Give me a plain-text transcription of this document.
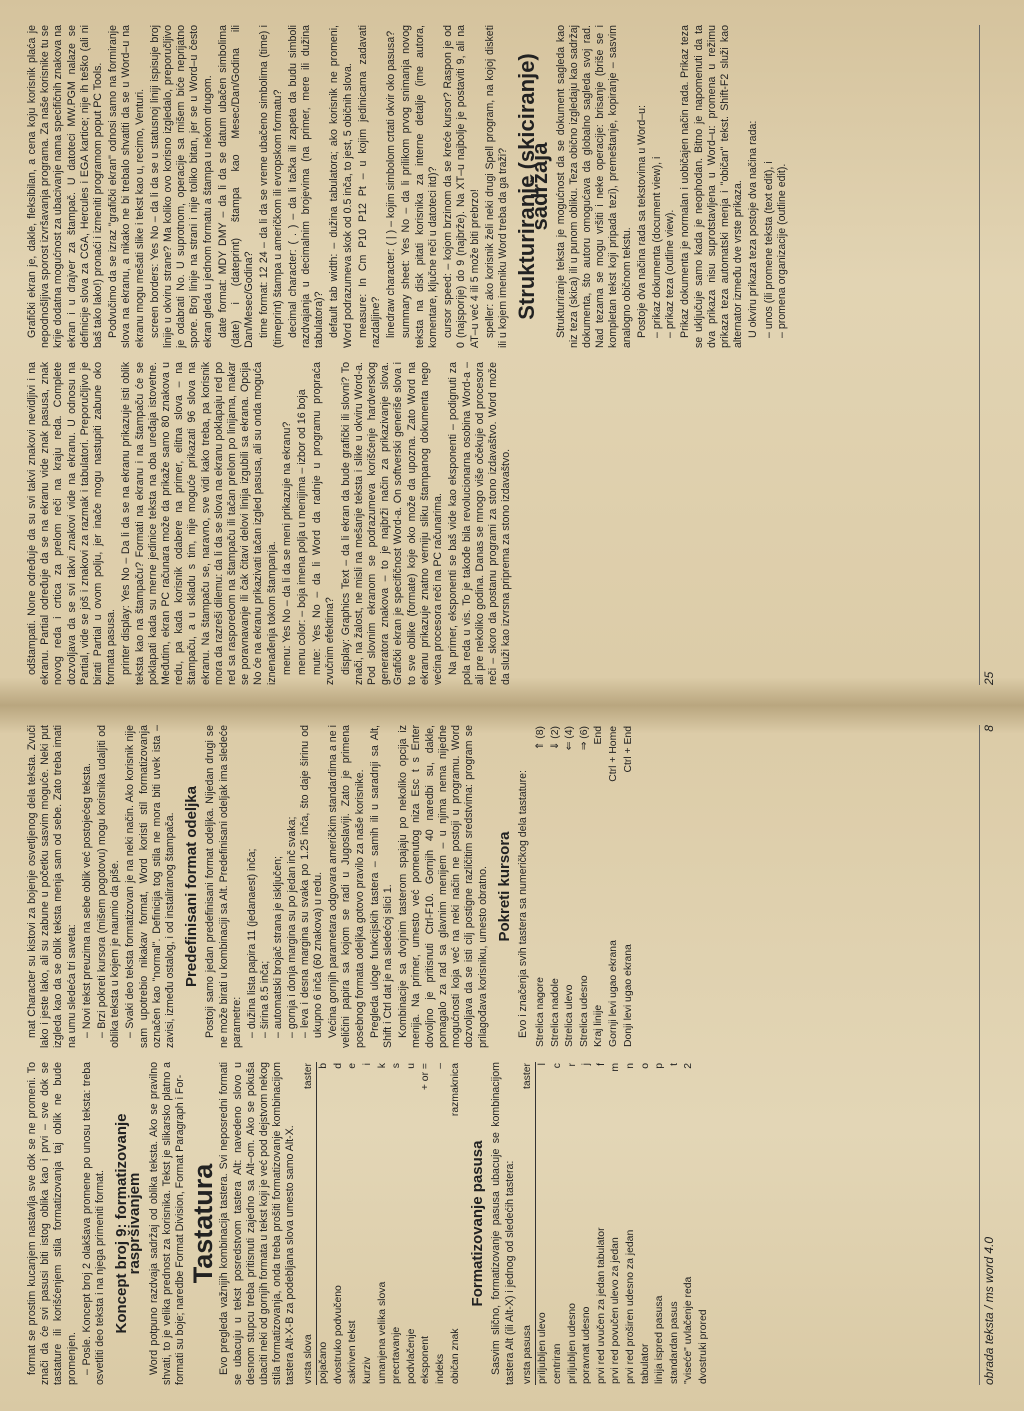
format se prostim kucanjem nastavlja sve dok se ne promeni. To znači da će svi pasusi biti istog oblika kao i prvi – sve dok se tastature ili korišćenjem stila formatizovanja taj oblik ne bude promenjen. – Posle. Koncept broj 2 olakšava promene po unosu teksta: treba osvetliti deo teksta i na njega primeniti format. Koncept broj 9: formatizovanje raspršivanjem Word potpuno razdvaja sadržaj od oblika teksta. Ako se pravilno shvati, to je velika prednost za korisnika. Tekst je slikarsko platno a formati su boje; naredbe Format Division, Format Paragraph i For- Tastatura Evo pregleda važnijih kombinacija tastera. Svi neposredni formati se ubacuju u tekst posredstvom tastera Alt: navedeno slovo u desnom stupcu treba pritisnuti zajedno sa Alt–om. Ako se pokuša ubaciti neki od gornjih formata u tekst koji je već pod dejstvom nekog stila formatizovanja, onda treba prošiti formatizovanje kombinacijom tastera Alt-X-B za podebljana slova umesto samo Alt-X. vrsta slova	taster
pojačano	b
dvostruko podvučeno	d
sakriven tekst	e
kurziv	i
umanjena velika slova	k
precrtavanje	s
podvlačenje	u
eksponent	+ or =
indeks	–
običan znak	razmaknica
Formatizovanje pasusa Sasvim slično, formatizovanje pasusa ubacuje se kombinacijom tastera Alt (ili Alt-X) i jednog od sledećih tastera: vrsta pasusa	taster
priljubljen ulevo	l
centriran	c
priljubljen udesno	r
poravnat udesno	j
prvi red uvučen za jedan tabulator	f
prvi red povučen ulevo za jedan	m
prvi red proširen udesno za jedan	n
tabulator	o
linija ispred pasusa	p
standardan pasus	t
"viseće" uvlačenje reda	2
dvostruki prored	

mat Character su kistovi za bojenje osvetljenog dela teksta. Zvuči lako i jeste lako, ali su zabune u početku sasvim moguće. Neki put izgleda kao da se oblik teksta menja sam od sebe. Zato treba imati na umu sledeća tri saveta: – Novi tekst preuzima na sebe oblik već postojećeg teksta. – Brzi pokreti kursora (mišem pogotovu) mogu korisnika udaljiti od oblika teksta u kojem je naumio da piše. – Svaki deo teksta formatizovan je na neki način. Ako korisnik nije sam upotrebio nikakav format, Word koristi stil formatizovanja označen kao "normal". Definicija tog stila ne mora biti uvek ista – zavisi, između ostalog, i od instaliranog štampača. Predefinisani format odeljka Postoji samo jedan predefinisani format odeljka. Nijedan drugi se ne može birati u kombinaciji sa Alt. Predefinisani odeljak ima sledeće parametre: – dužina lista papira 11 (jedanaest) inča; – širina 8.5 inča; – automatski brojač strana je isključen; – gornja i donja margina su po jedan inč svaka; – leva i desna margina su svaka po 1.25 inča, što daje širinu od ukupno 6 inča (60 znakova) u redu. Većina gornjih parametara odgovara američkim standardima a ne i veličini papira sa kojom se radi u Jugoslaviji. Zato je primena posebnog formata odeljka gotovo pravilo za naše korisnike. Pregleda uloge funkcijskih tastera – samih ili u saradnji sa Alt, Shift i Ctrl dat je na sledećoj slici 1. Kombinacije sa dvojnim tasterom spajaju po nekoliko opcija iz menija. Na primer, umesto već pomenutog niza Esc t s Enter dovoljno je pritisnuti Ctrl-F10. Gornjih 40 naredbi su, dakle, pomagalo za rad sa glavnim menijem – u njima nema nijedne mogućnosti koja već na neki način ne postoji u programu. Word dozvoljava da se isti cilj postigne različitim sredstvima: program se prilagođava korisniku, umesto obratno. Pokreti kursora Evo i značenja svih tastera sa numeričkog dela tastature: Strelica nagore	⇑ (8)
Strelica nadole	⇓ (2)
Strelica ulevo	⇐ (4)
Strelica udesno	⇒ (6)
Kraj linije	End
Gornji levi ugao ekrana	Ctrl + Home
Donji levi ugao ekrana	Ctrl + End
obrada teksta / ms word 4.0
8

odštampati. None određuje da su svi takvi znakovi nevidljivi i na ekranu. Partial određuje da se na ekranu vide znak pasusa, znak novog reda i crtica za prelom reči na kraju reda. Complete dozvoljava da se svi takvi znakovi vide na ekranu. U odnosu na Partial, vide se još i znakovi za razmak i tabulatori. Preporučljivo je birati Partial u ovom polju, jer inače mogu nastupiti zabune oko formata pasusa. printer display: Yes No – Da li da se na ekranu prikazuje isti oblik teksta kao na štampaču? Formati na ekranu i na štampaču će se poklapati kada su merne jedinice teksta na oba uređaja istovetne. Međutim, ekran PC računara može da prikaže samo 80 znakova u redu, pa kada korisnik odabere na primer, elitna slova – na štampaču, a u skladu s tim, nije moguće prikazati 96 slova na ekranu. Na štampaču se, naravno, sve vidi kako treba, pa korisnik mora da razreši dilemu: da li da se slova na ekranu poklapaju red po red sa rasporedom na štampaču ili tačan prelom po linijama, makar se poravnavanje ili čak čitavi delovi linija izgubili sa ekrana. Opcija No će na ekranu prikazivati tačan izgled pasusa, ali su onda moguća iznenađenja tokom štampanja. menu: Yes No – da li da se meni prikazuje na ekranu? menu color: – boja imena polja u menijima – izbor od 16 boja mute: Yes No – da li Word da radnje u programu propraća zvučnim efektima? display: Graphics Text – da li ekran da bude grafički ili slovni? To znači, na žalost, ne misli na mešanje teksta i slike u okviru Word-a. Pod slovnim ekranom se podrazumeva korišćenje hardverskog generatora znakova – to je najbrži način za prikazivanje slova. Grafički ekran je specifičnost Word-a. On softverski generiše slova i to sve oblike (formate) koje oko može da upozna. Zato Word na ekranu prikazuje znatno verniju sliku štampanog dokumenta nego većina procesora reči na PC računarima. Na primer, eksponenti se baš vide kao eksponenti – podignuti za pola reda u vis. To je takođe bila revolucionarna osobina Word-a – ali pre nekoliko godina. Danas se mnogo više očekuje od procesora reči – skoro da postanu programi za stono izdavaštvo. Word može da služi kao izvrsna priprema za stono izdavaštvo.

Grafički ekran je, dakle, fleksibilan, a cena koju korisnik plaća je nepodnošljiva sporost izvršavanja programa. Za naše korisnike tu se krije dodatna mogućnost za ubacivanje nama specifičnih znakova na ekran i u drajver za štampač. U datoteci MW.PGM nalaze se definicije slova za CGA, Hercules i EGA kartice; nije ih teško (ali ni baš tako lako!) pronaći i izmeniti programom poput PC Tools. Podvučimo da se izraz "grafički ekran" odnosi samo na formiranje slova na ekranu, a nikako ne bi trebalo shvatiti da se u Word–u na ekranu mogu mešati slike i tekst kao u, recimo, Venturi. screen borders: Yes No – da li da se u statusnoj liniji ispisuje broj linije u okviru strane? Ma koliko ovo korisno izgledalo, preporučljivo je odabrati No. U suprotnom, operacije sa mišem biće neprijatno spore. Broj linije na strani i nije toliko bitan, jer se u Word–u često ekran gleda u jednom formatu a štampa u nekom drugom. date format: MDY DMY – da li da se datum ubačen simbolima (date) i (dateprint) štampa kao Mesec/Dan/Godina ili Dan/Mesec/Godina? time format: 12 24 – da li da se vreme ubačeno simbolima (time) i (timeprint) štampa u američkom ili evropskom formatu? decimal character: ( . ) – da li tačka ili zapeta da budu simboli razdvajanja u decimalnim brojevima (na primer, mere ili dužina tabulatora)? default tab width: – dužina tabulatora; ako korisnik ne promeni, Word podrazumeva skok od 0.5 inča, to jest, 5 običnih slova. measure: In Cm P10 P12 Pt – u kojim jedinicama zadavati razdaljine? linedraw character: ( | ) – kojim simbolom crtati okvir oko pasusa? summary sheet: Yes No – da li prilikom prvog snimanja novog teksta na disk pitati korisnika za interne detalje (ime autora, komentare, ključne reči u datoteci itd)? cursor speed: – kojom brzinom da se kreće kursor? Raspon je od 0 (najsporije) do 9 (najbrže). Na XT–u najbolje je postaviti 9, ali na AT–u već 4 ili 5 može biti prebrzo! speller: ako korisnik želi neki drugi Spell program, na kojoj disketi ili u kojem imeniku Word treba da ga traži? Strukturiranje (skiciranje) sadržaja Strukturiranje teksta je mogućnost da se dokument sagleda kao niz teza (skica) ili u punom obliku. Teza obično izgledaju kao sadržaj dokumenta, što autoru omogućava da globalno sagleda svoj rad. Nad tezama se mogu vršiti i neke operacije: brisanje (briše se i kompletan tekst koji pripada tezi), premeštanje, kopiranje – sasvim analogno običnom tekstu. Postoje dva načina rada sa tekstovima u Word–u: – prikaz dokumenta (document view), i – prikaz teza (outline view). Prikaz dokumenta je normalan i uobičajen način rada. Prikaz teza se uključuje samo kada je neophodan. Bitno je napomenuti da ta dva prikaza nisu suprotstavljena u Word–u: promena u režimu prikaza teza automatski menja i "običan" tekst. Shift-F2 služi kao alternator između dve vrste prikaza. U okviru prikaza teza postoje dva načina rada: – unos (ili promene teksta (text edit), i – promena organizacije (outline edit).
25
